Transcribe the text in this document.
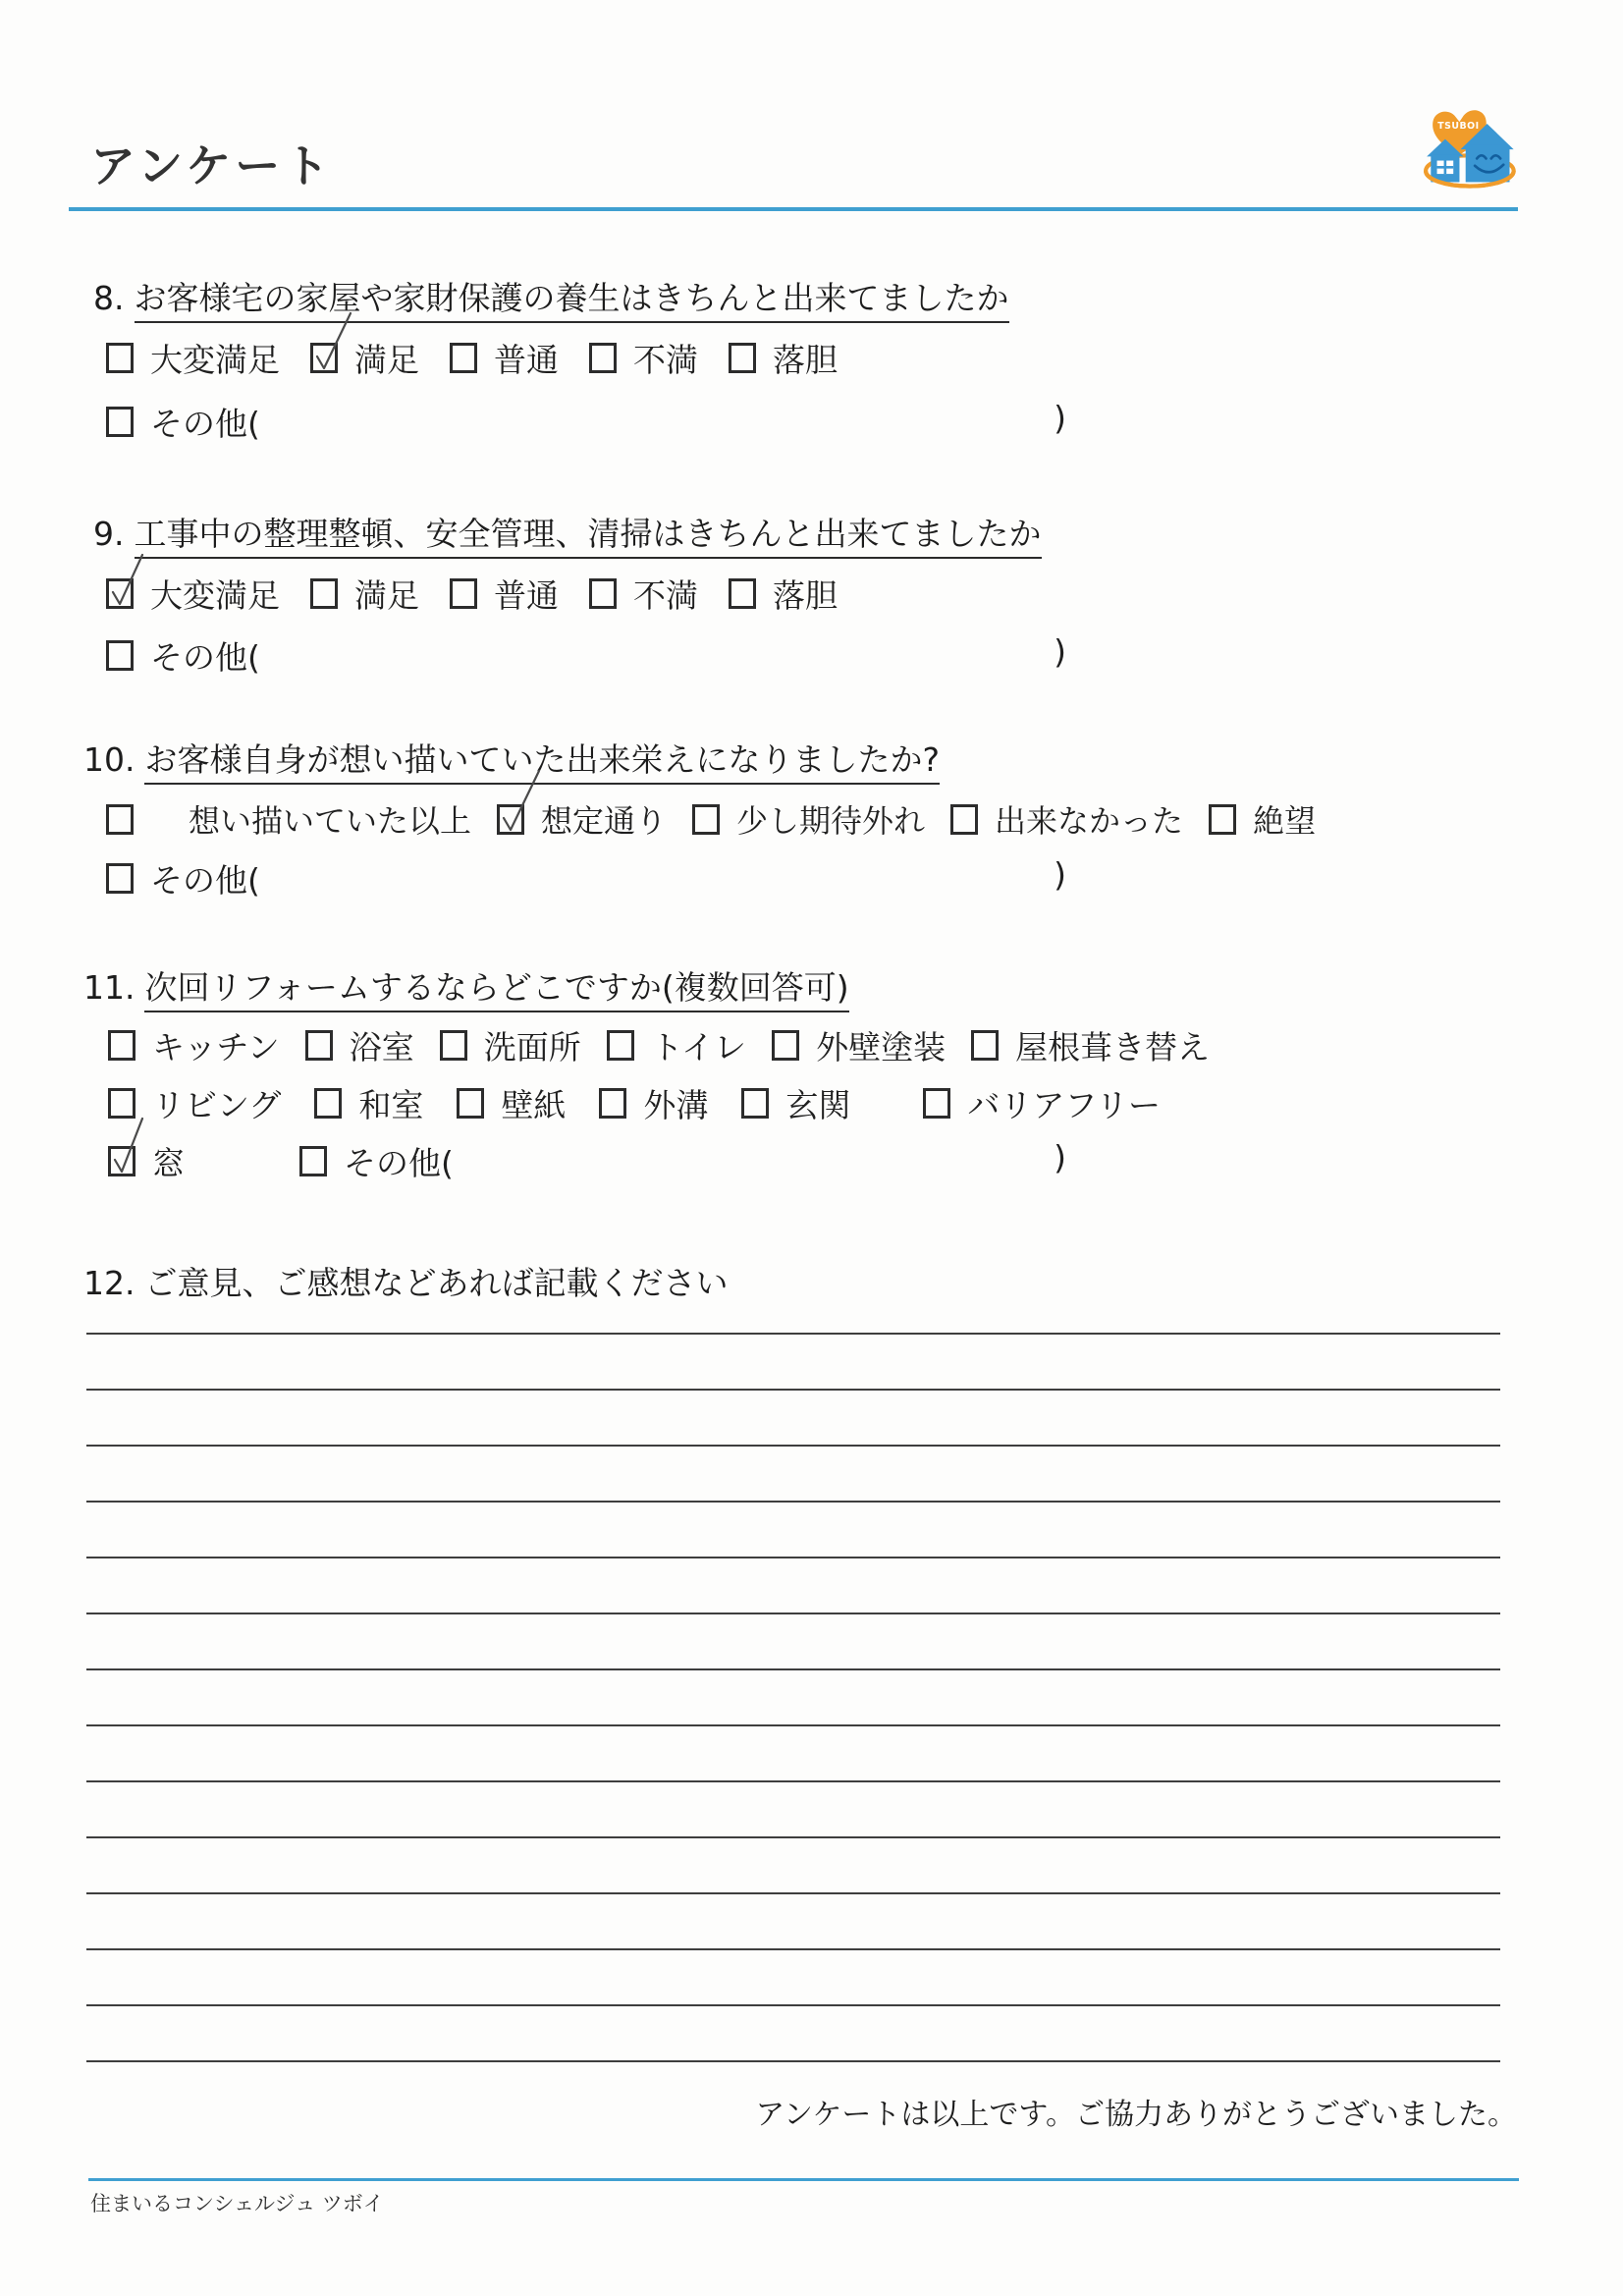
アンケート
TSUBOI
8. お客様宅の家屋や家財保護の養生はきちんと出来てましたか
大変満足 満足 普通 不満 落胆
その他(	)
9. 工事中の整理整頓、安全管理、清掃はきちんと出来てましたか
大変満足 満足 普通 不満 落胆
その他(	)
10. お客様自身が想い描いていた出来栄えになりましたか?
想い描いていた以上 想定通り 少し期待外れ 出来なかった 絶望
その他(	)
11. 次回リフォームするならどこですか(複数回答可)
キッチン 浴室 洗面所 トイレ 外壁塗装 屋根葺き替え
リビング 和室 壁紙 外溝 玄関	バリアフリー
窓	その他(	)
12. ご意見、ご感想などあれば記載ください
アンケートは以上です。ご協力ありがとうございました。
住まいるコンシェルジュ ツボイ
